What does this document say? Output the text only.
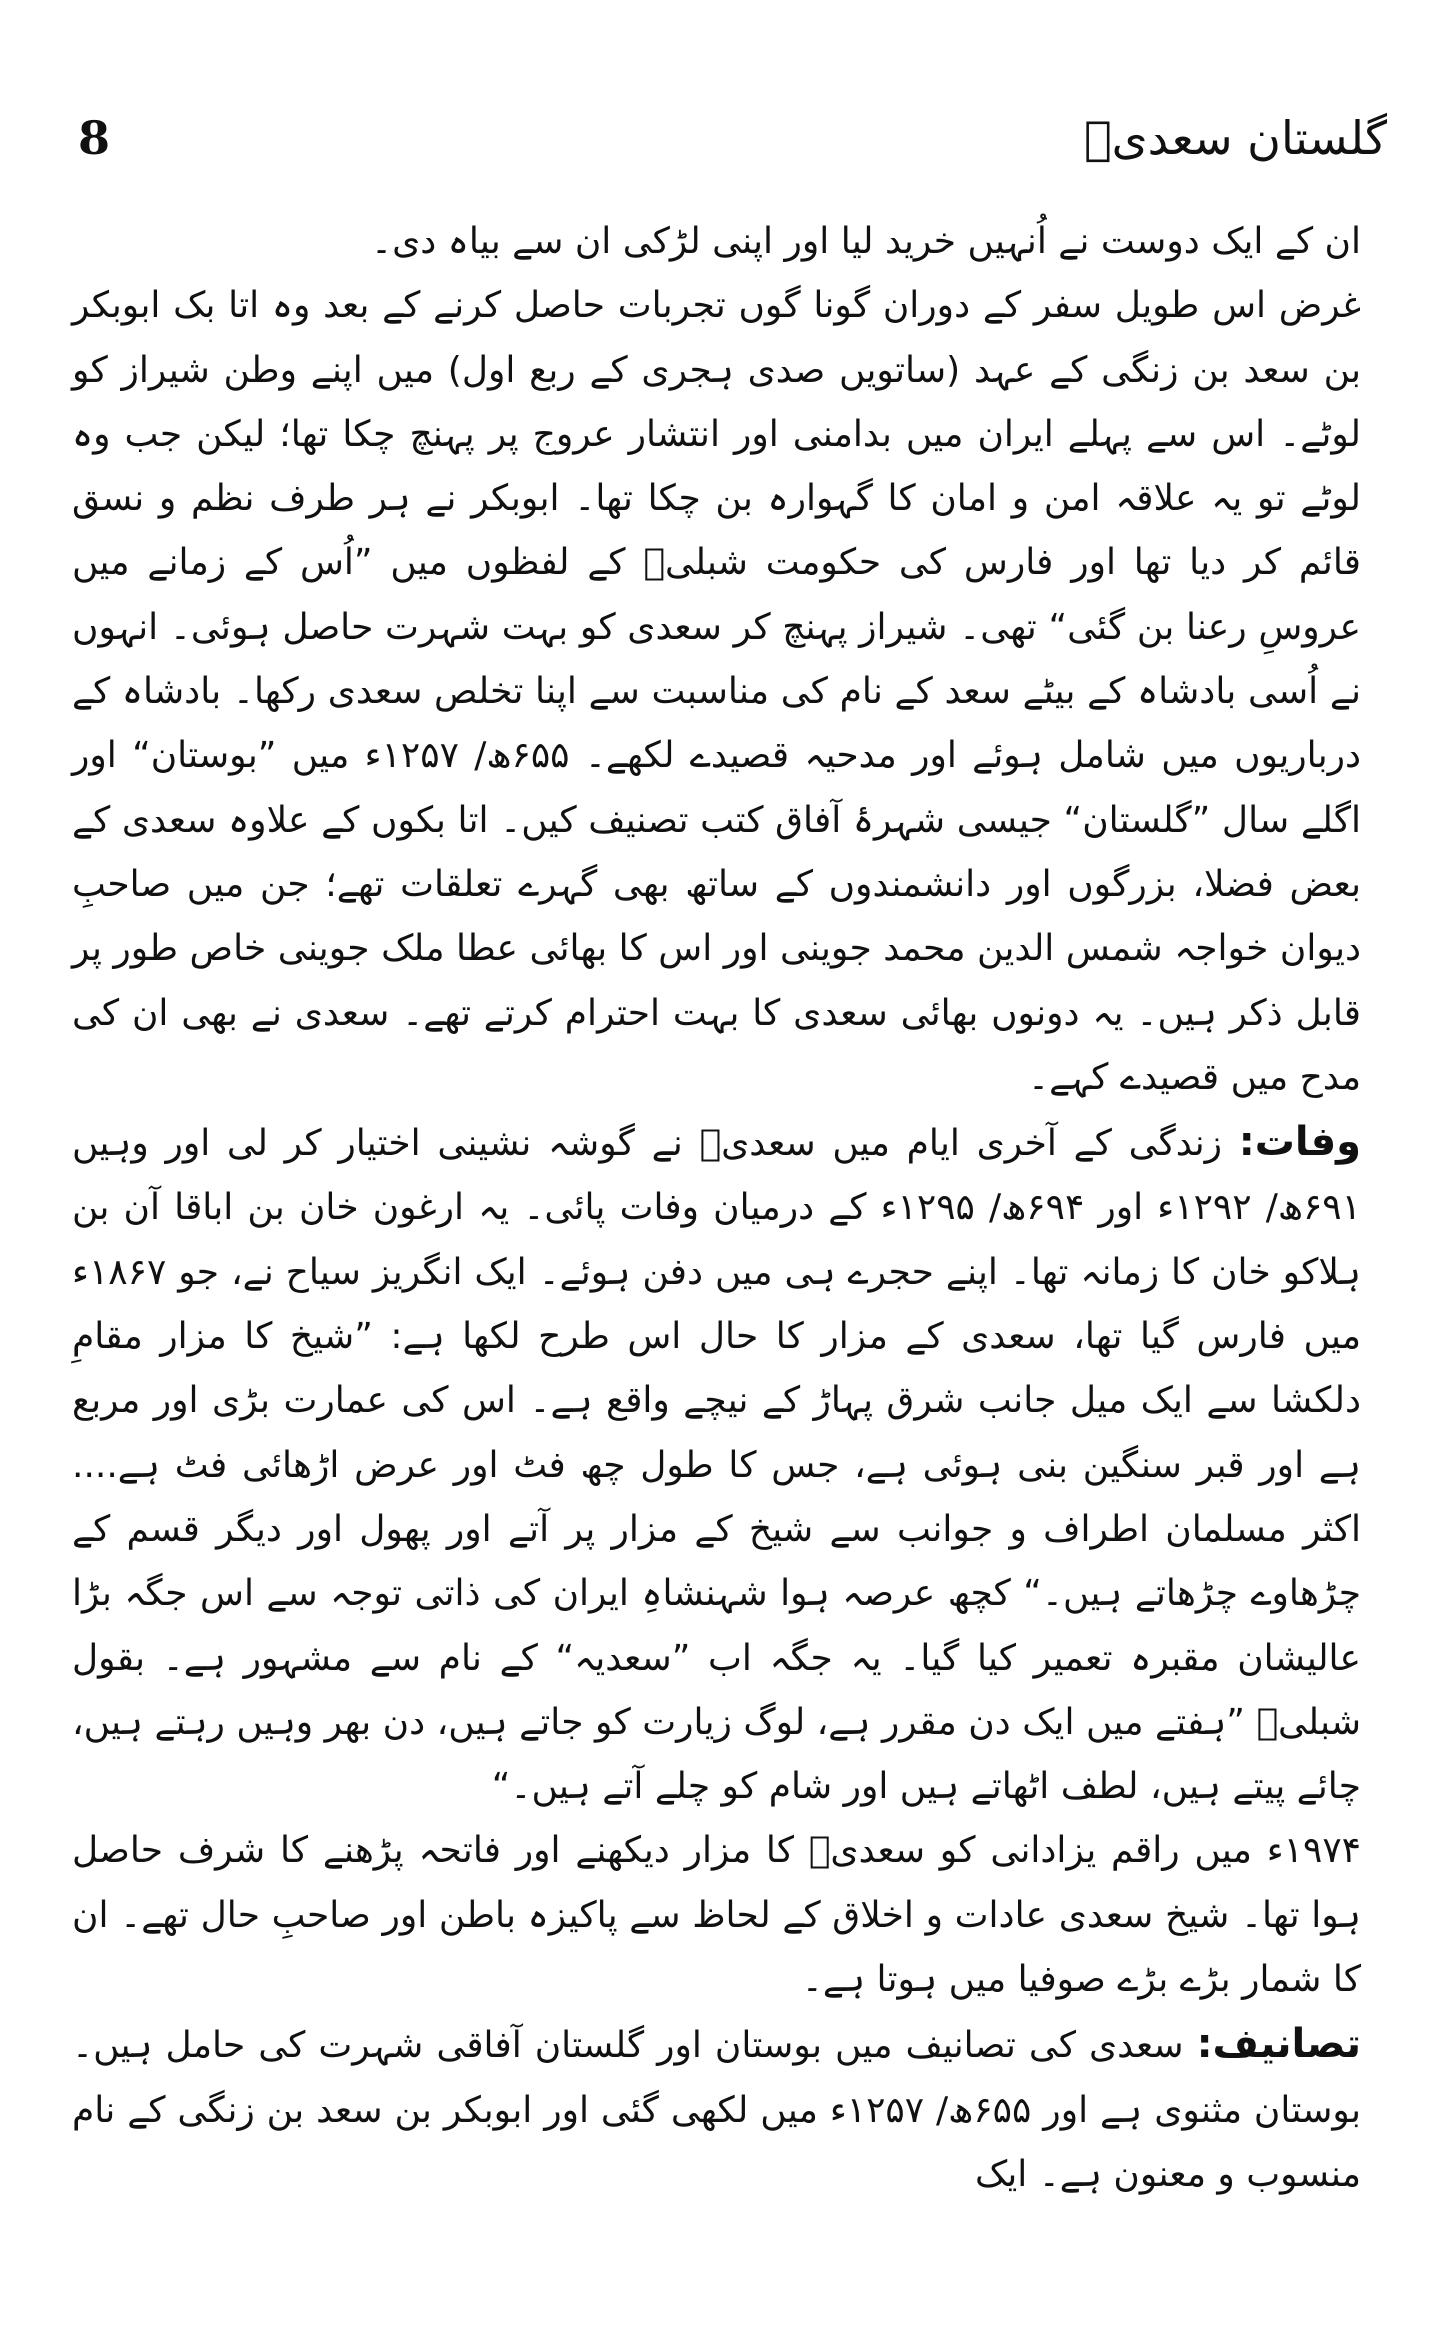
8	گلستان سعدیؒ

ان کے ایک دوست نے اُنہیں خرید لیا اور اپنی لڑکی ان سے بیاہ دی۔

غرض اس طویل سفر کے دوران گونا گوں تجربات حاصل کرنے کے بعد وہ اتا بک ابوبکر بن سعد بن زنگی کے عہد (ساتویں صدی ہجری کے ربع اول) میں اپنے وطن شیراز کو لوٹے۔ اس سے پہلے ایران میں بدامنی اور انتشار عروج پر پہنچ چکا تھا؛ لیکن جب وہ لوٹے تو یہ علاقہ امن و امان کا گہوارہ بن چکا تھا۔ ابوبکر نے ہر طرف نظم و نسق قائم کر دیا تھا اور فارس کی حکومت شبلیؒ کے لفظوں میں ”اُس کے زمانے میں عروسِ رعنا بن گئی“ تھی۔ شیراز پہنچ کر سعدی کو بہت شہرت حاصل ہوئی۔ انہوں نے اُسی بادشاہ کے بیٹے سعد کے نام کی مناسبت سے اپنا تخلص سعدی رکھا۔ بادشاہ کے درباریوں میں شامل ہوئے اور مدحیہ قصیدے لکھے۔ ۶۵۵ھ/ ۱۲۵۷ء میں ”بوستان“ اور اگلے سال ”گلستان“ جیسی شہرۂ آفاق کتب تصنیف کیں۔ اتا بکوں کے علاوہ سعدی کے بعض فضلا، بزرگوں اور دانشمندوں کے ساتھ بھی گہرے تعلقات تھے؛ جن میں صاحبِ دیوان خواجہ شمس الدین محمد جوینی اور اس کا بھائی عطا ملک جوینی خاص طور پر قابل ذکر ہیں۔ یہ دونوں بھائی سعدی کا بہت احترام کرتے تھے۔ سعدی نے بھی ان کی مدح میں قصیدے کہے۔

وفات: زندگی کے آخری ایام میں سعدیؒ نے گوشہ نشینی اختیار کر لی اور وہیں ۶۹۱ھ/ ۱۲۹۲ء اور ۶۹۴ھ/ ۱۲۹۵ء کے درمیان وفات پائی۔ یہ ارغون خان بن اباقا آن بن ہلاکو خان کا زمانہ تھا۔ اپنے حجرے ہی میں دفن ہوئے۔ ایک انگریز سیاح نے، جو ۱۸۶۷ء میں فارس گیا تھا، سعدی کے مزار کا حال اس طرح لکھا ہے: ”شیخ کا مزار مقامِ دلکشا سے ایک میل جانب شرق پہاڑ کے نیچے واقع ہے۔ اس کی عمارت بڑی اور مربع ہے اور قبر سنگین بنی ہوئی ہے، جس کا طول چھ فٹ اور عرض اڑھائی فٹ ہے.... اکثر مسلمان اطراف و جوانب سے شیخ کے مزار پر آتے اور پھول اور دیگر قسم کے چڑھاوے چڑھاتے ہیں۔“ کچھ عرصہ ہوا شہنشاہِ ایران کی ذاتی توجہ سے اس جگہ بڑا عالیشان مقبرہ تعمیر کیا گیا۔ یہ جگہ اب ”سعدیہ“ کے نام سے مشہور ہے۔ بقول شبلیؒ ”ہفتے میں ایک دن مقرر ہے، لوگ زیارت کو جاتے ہیں، دن بھر وہیں رہتے ہیں، چائے پیتے ہیں، لطف اٹھاتے ہیں اور شام کو چلے آتے ہیں۔“

۱۹۷۴ء میں راقم یزادانی کو سعدیؒ کا مزار دیکھنے اور فاتحہ پڑھنے کا شرف حاصل ہوا تھا۔ شیخ سعدی عادات و اخلاق کے لحاظ سے پاکیزہ باطن اور صاحبِ حال تھے۔ ان کا شمار بڑے بڑے صوفیا میں ہوتا ہے۔

تصانیف: سعدی کی تصانیف میں بوستان اور گلستان آفاقی شہرت کی حامل ہیں۔ بوستان مثنوی ہے اور ۶۵۵ھ/ ۱۲۵۷ء میں لکھی گئی اور ابوبکر بن سعد بن زنگی کے نام منسوب و معنون ہے۔ ایک
